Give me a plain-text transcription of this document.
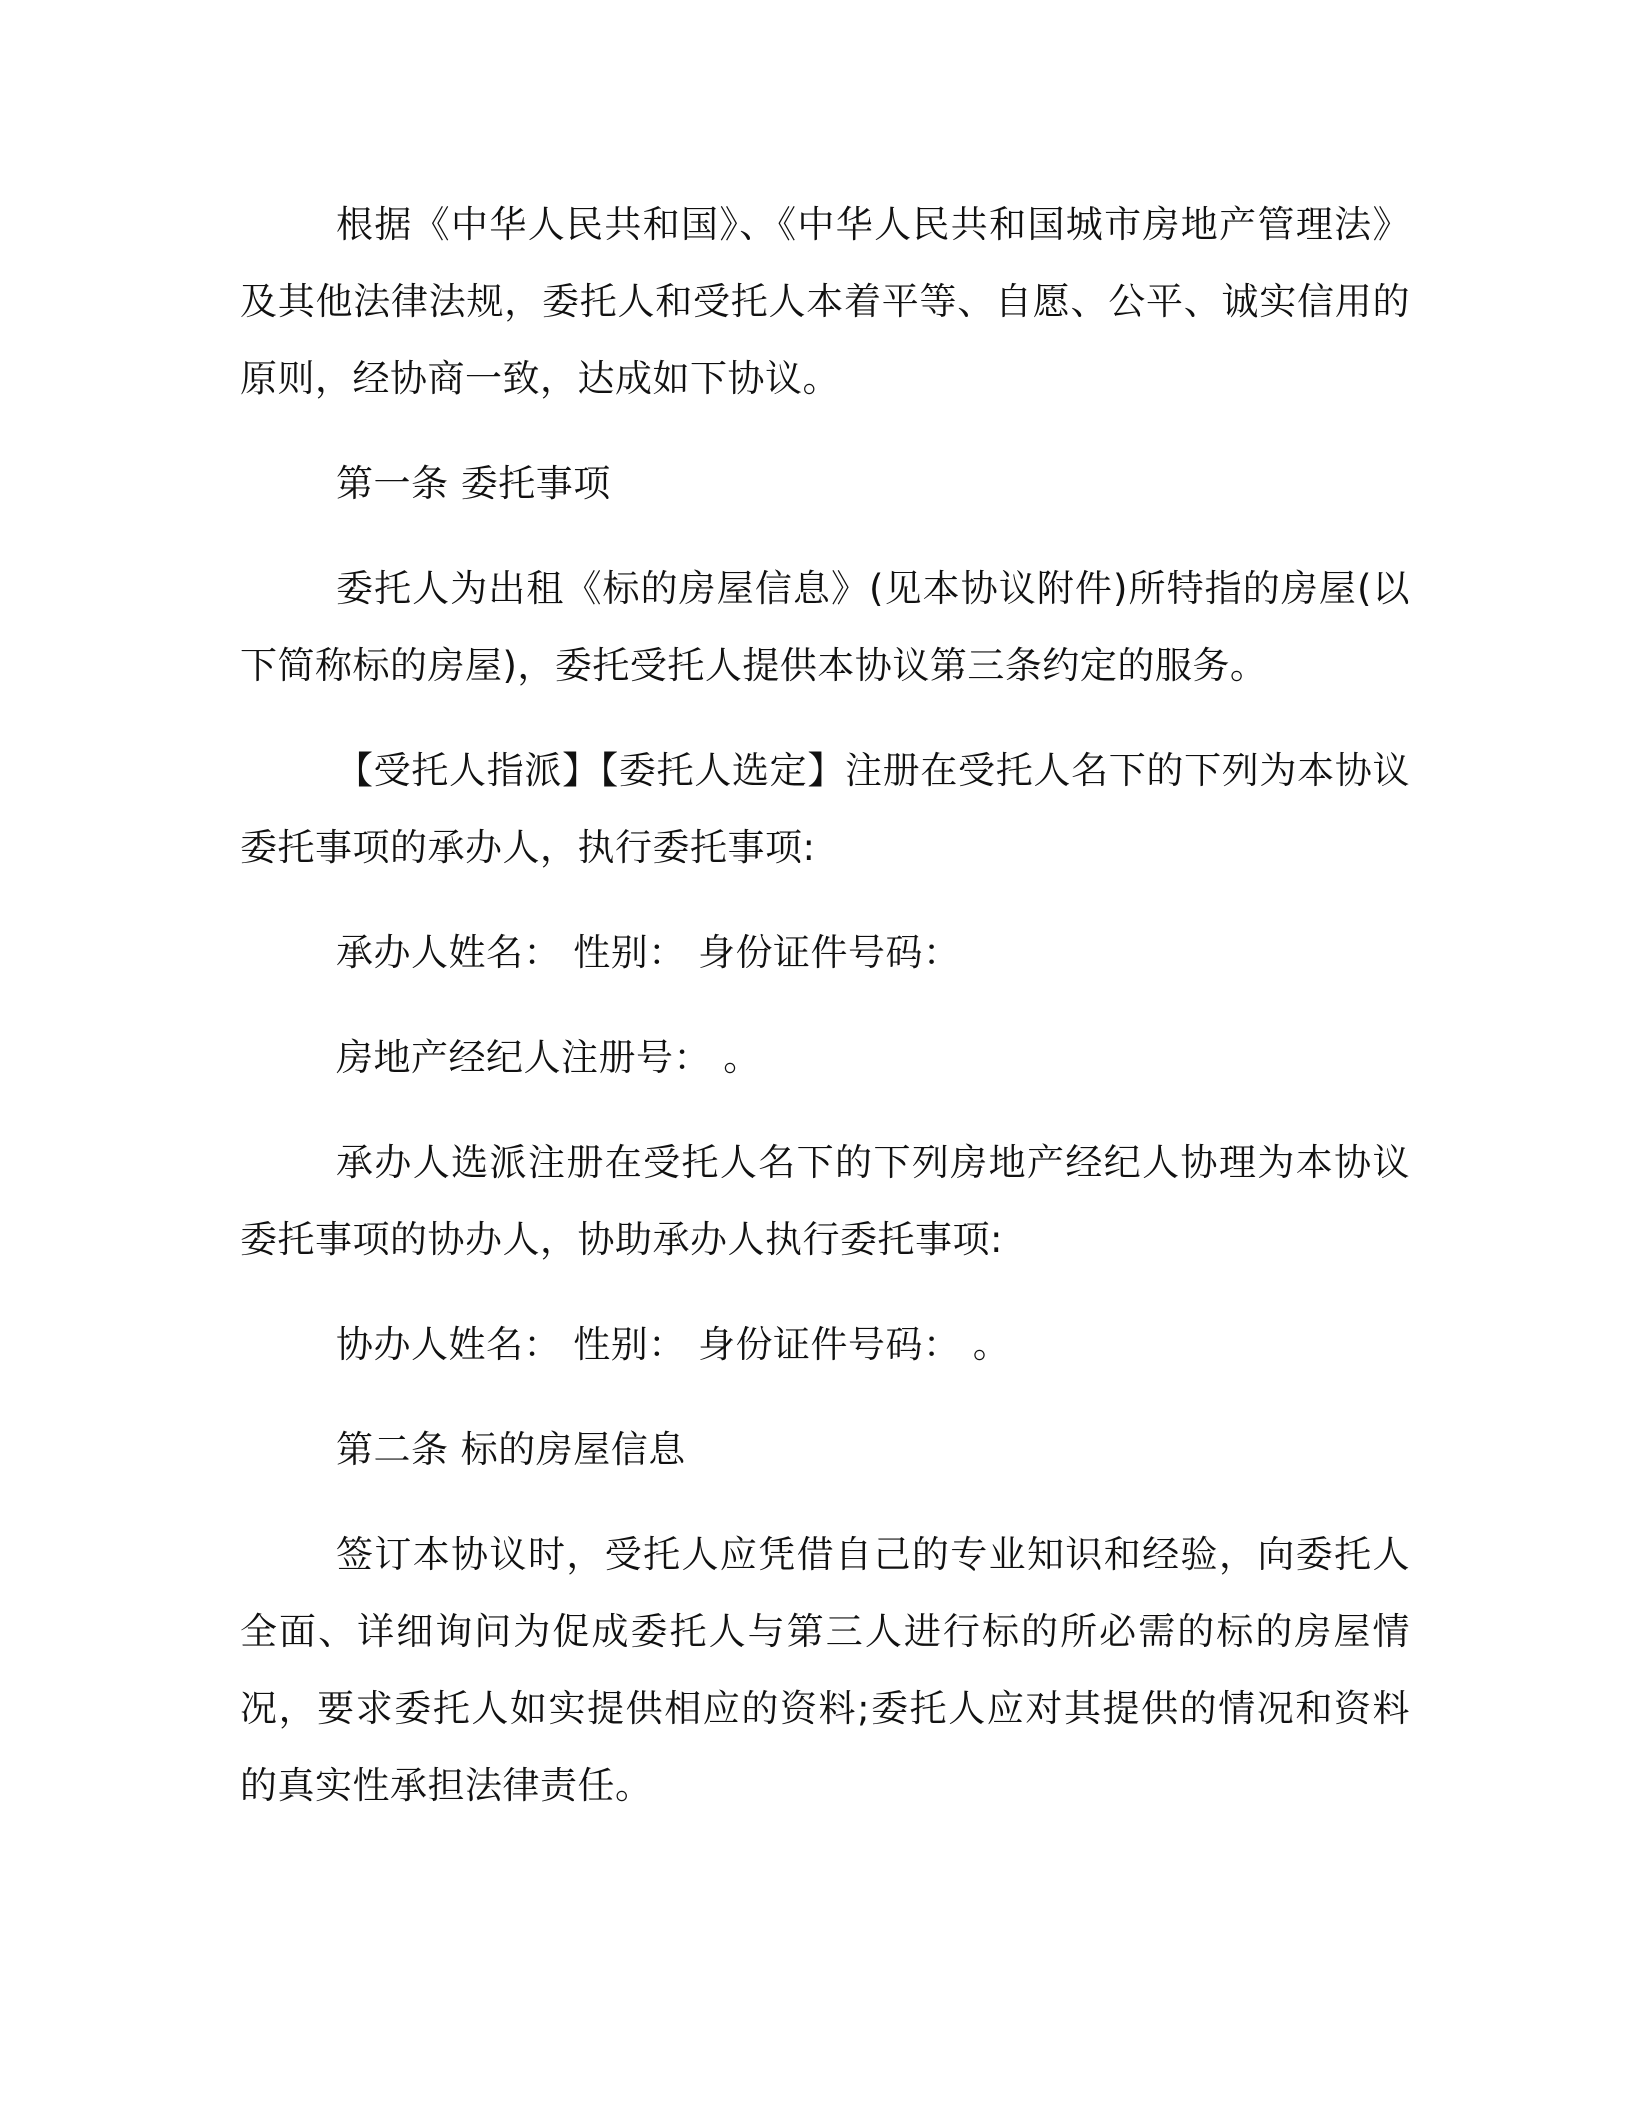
根据《中华人民共和国》、《中华人民共和国城市房地产管理法》及其他法律法规，委托人和受托人本着平等、自愿、公平、诚实信用的原则，经协商一致，达成如下协议。

第一条 委托事项

委托人为出租《标的房屋信息》(见本协议附件)所特指的房屋(以下简称标的房屋)，委托受托人提供本协议第三条约定的服务。

【受托人指派】【委托人选定】注册在受托人名下的下列为本协议委托事项的承办人，执行委托事项:

承办人姓名： 性别： 身份证件号码：

房地产经纪人注册号： 。

承办人选派注册在受托人名下的下列房地产经纪人协理为本协议委托事项的协办人，协助承办人执行委托事项:

协办人姓名： 性别： 身份证件号码： 。

第二条 标的房屋信息

签订本协议时，受托人应凭借自己的专业知识和经验，向委托人全面、详细询问为促成委托人与第三人进行标的所必需的标的房屋情况，要求委托人如实提供相应的资料;委托人应对其提供的情况和资料的真实性承担法律责任。
